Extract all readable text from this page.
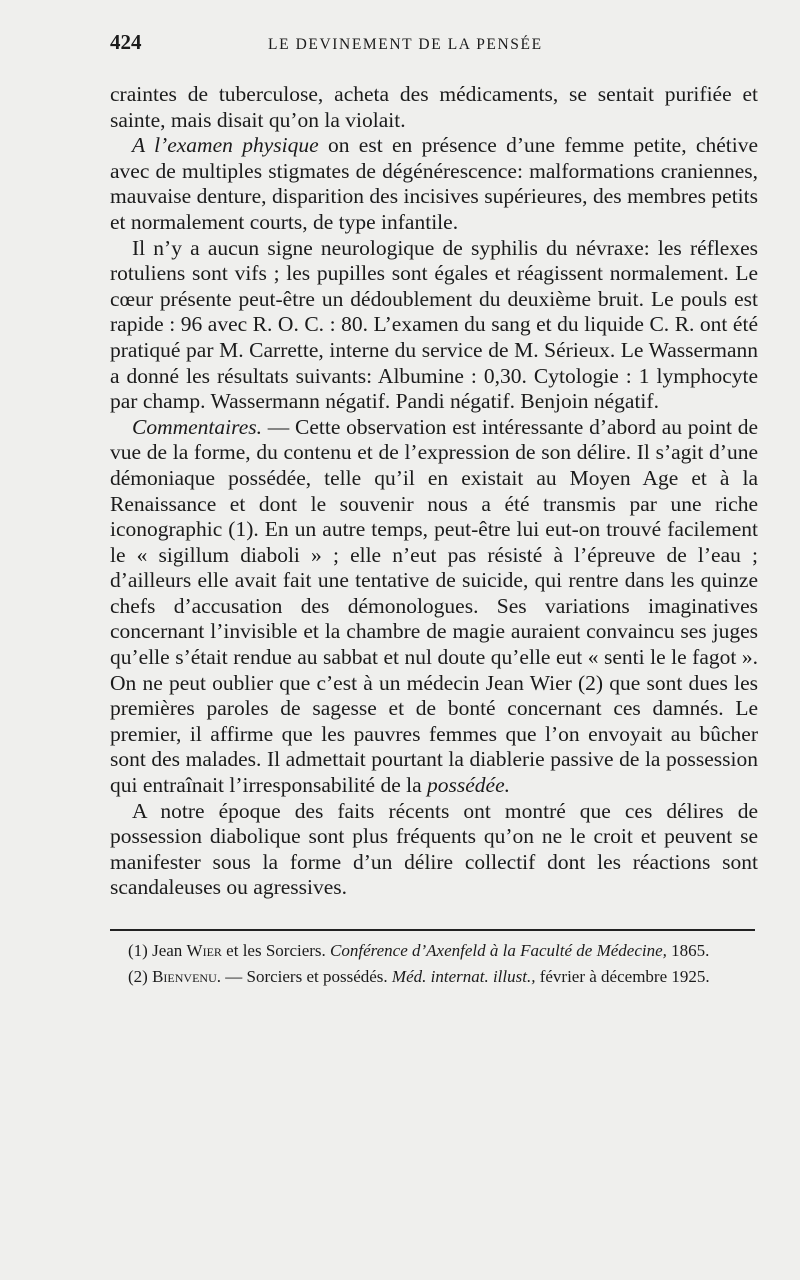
424	LE DEVINEMENT DE LA PENSÉE

craintes de tuberculose, acheta des médicaments, se sentait purifiée et sainte, mais disait qu’on la violait.

A l’examen physique on est en présence d’une femme petite, chétive avec de multiples stigmates de dégénérescence: malformations craniennes, mauvaise denture, disparition des incisives supérieures, des membres petits et normalement courts, de type infantile.

Il n’y a aucun signe neurologique de syphilis du névraxe: les réflexes rotuliens sont vifs ; les pupilles sont égales et réagissent normalement. Le cœur présente peut-être un dédoublement du deuxième bruit. Le pouls est rapide : 96 avec R. O. C. : 80. L’examen du sang et du liquide C. R. ont été pratiqué par M. Carrette, interne du service de M. Sérieux. Le Wassermann a donné les résultats suivants: Albumine : 0,30. Cytologie : 1 lymphocyte par champ. Wassermann négatif. Pandi négatif. Benjoin négatif.

Commentaires. — Cette observation est intéressante d’abord au point de vue de la forme, du contenu et de l’expression de son délire. Il s’agit d’une démoniaque possédée, telle qu’il en existait au Moyen Age et à la Renaissance et dont le souvenir nous a été transmis par une riche iconographic (1). En un autre temps, peut-être lui eut-on trouvé facilement le « sigillum diaboli » ; elle n’eut pas résisté à l’épreuve de l’eau ; d’ailleurs elle avait fait une tentative de suicide, qui rentre dans les quinze chefs d’accusation des démonologues. Ses variations imaginatives concernant l’invisible et la chambre de magie auraient convaincu ses juges qu’elle s’était rendue au sabbat et nul doute qu’elle eut « senti le le fagot ». On ne peut oublier que c’est à un médecin Jean Wier (2) que sont dues les premières paroles de sagesse et de bonté concernant ces damnés. Le premier, il affirme que les pauvres femmes que l’on envoyait au bûcher sont des malades. Il admettait pourtant la diablerie passive de la possession qui entraînait l’irresponsabilité de la possédée.

A notre époque des faits récents ont montré que ces délires de possession diabolique sont plus fréquents qu’on ne le croit et peuvent se manifester sous la forme d’un délire collectif dont les réactions sont scandaleuses ou agressives.

(1) Jean Wier et les Sorciers. Conférence d’Axenfeld à la Faculté de Médecine, 1865.

(2) Bienvenu. — Sorciers et possédés. Méd. internat. illust., février à décembre 1925.
